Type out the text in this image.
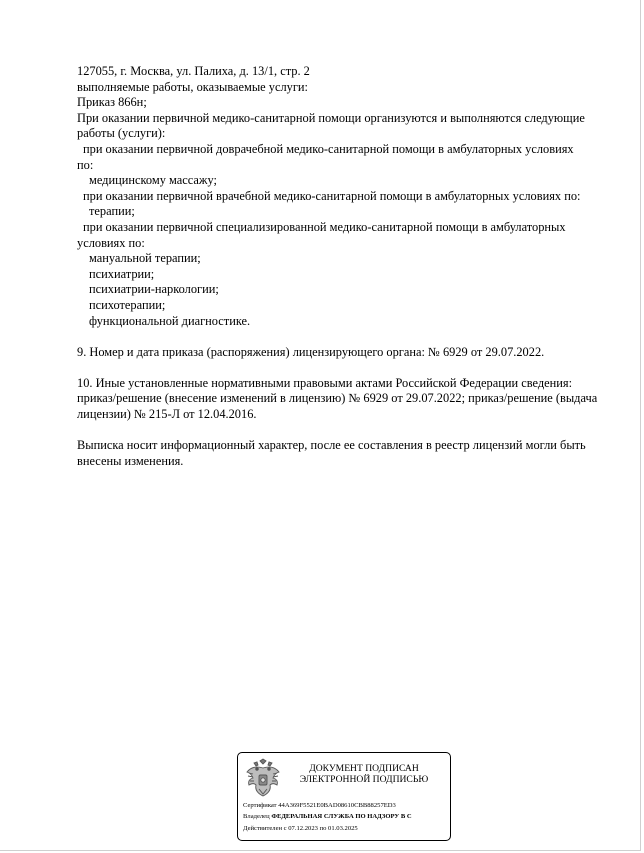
127055, г. Москва, ул. Палиха, д. 13/1, стр. 2
выполняемые работы, оказываемые услуги:
Приказ 866н;
При оказании первичной медико-санитарной помощи организуются и выполняются следующие
работы (услуги):
при оказании первичной доврачебной медико-санитарной помощи в амбулаторных условиях
по:
медицинскому массажу;
при оказании первичной врачебной медико-санитарной помощи в амбулаторных условиях по:
терапии;
при оказании первичной специализированной медико-санитарной помощи в амбулаторных
условиях по:
мануальной терапии;
психиатрии;
психиатрии-наркологии;
психотерапии;
функциональной диагностике.
9. Номер и дата приказа (распоряжения) лицензирующего органа: № 6929 от 29.07.2022.
10. Иные установленные нормативными правовыми актами Российской Федерации сведения:
приказ/решение (внесение изменений в лицензию) № 6929 от 29.07.2022; приказ/решение (выдача
лицензии) № 215-Л от 12.04.2016.
Выписка носит информационный характер, после ее составления в реестр лицензий могли быть
внесены изменения.
ДОКУМЕНТ ПОДПИСАН
ЭЛЕКТРОННОЙ ПОДПИСЬЮ
Сертификат 44A369F5521E0BAD08610CBB88257ED3
Владелец ФЕДЕРАЛЬНАЯ СЛУЖБА ПО НАДЗОРУ В С
Действителен с 07.12.2023 по 01.03.2025
